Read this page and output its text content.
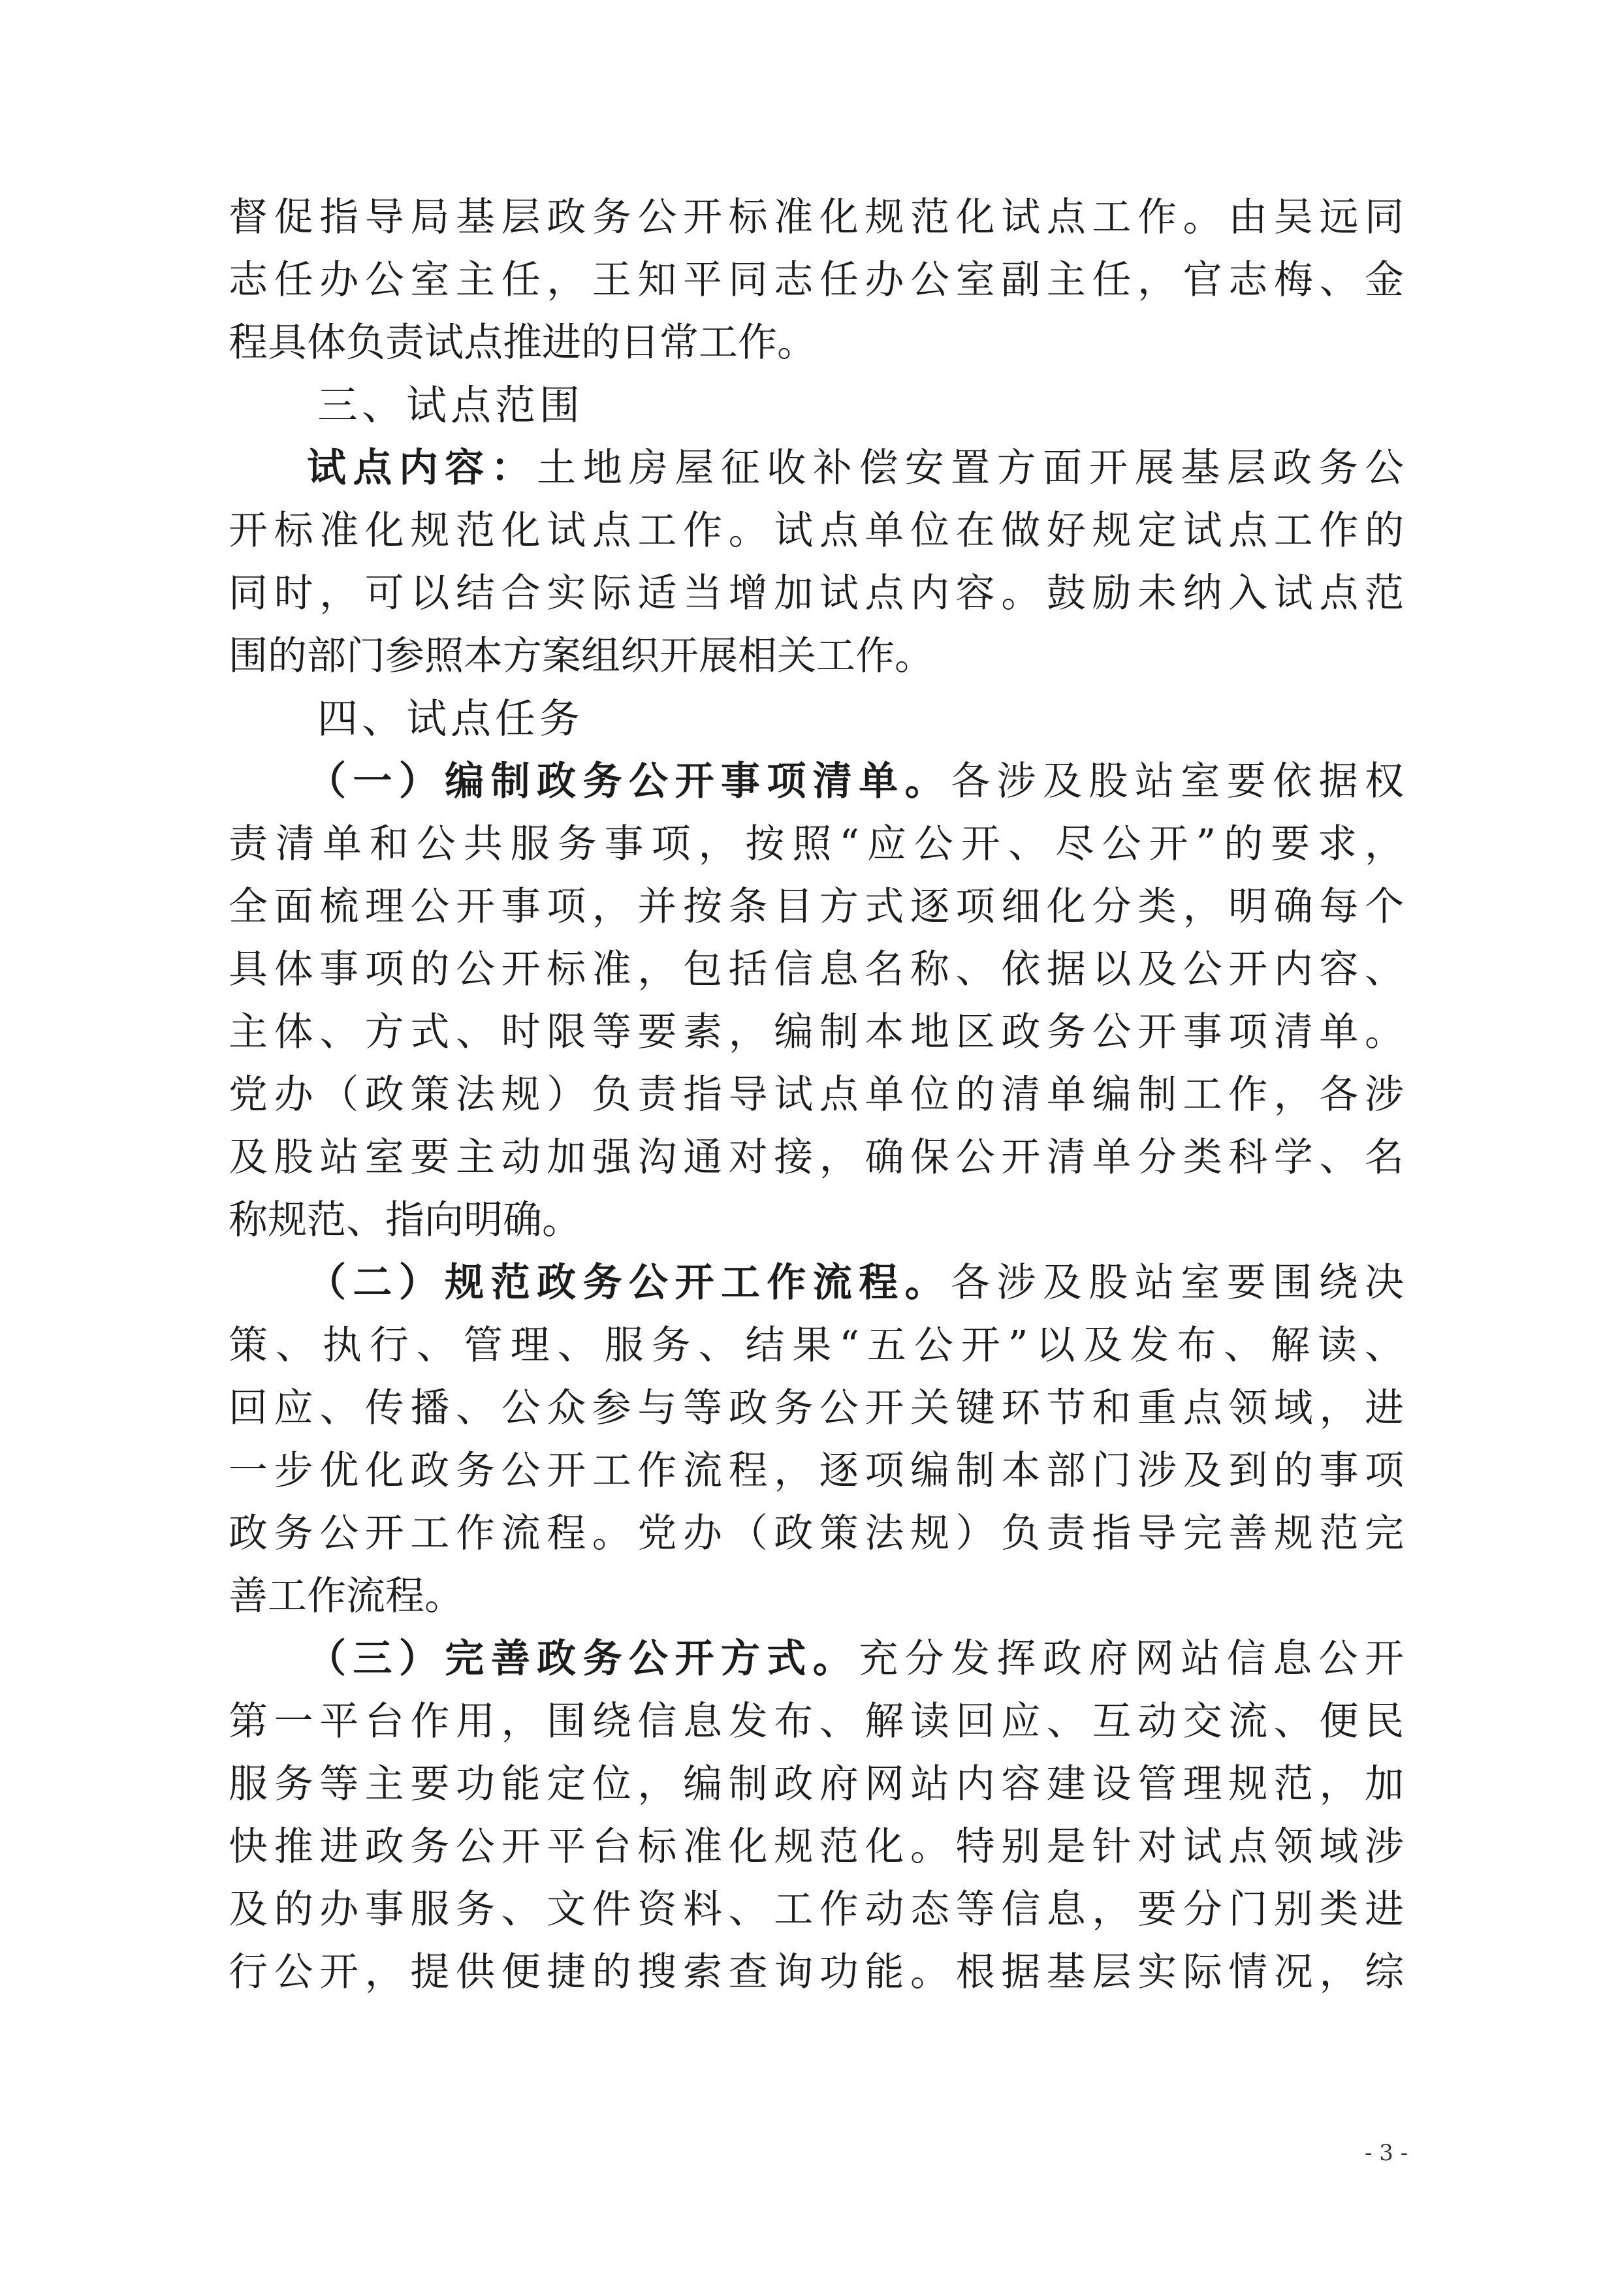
督促指导局基层政务公开标准化规范化试点工作。由吴远同
志任办公室主任，王知平同志任办公室副主任，官志梅、金
程具体负责试点推进的日常工作。
三、试点范围
试点内容：土地房屋征收补偿安置方面开展基层政务公
开标准化规范化试点工作。试点单位在做好规定试点工作的
同时，可以结合实际适当增加试点内容。鼓励未纳入试点范
围的部门参照本方案组织开展相关工作。
四、试点任务
（一）编制政务公开事项清单。各涉及股站室要依据权
责清单和公共服务事项，按照“应公开、尽公开”的要求，
全面梳理公开事项，并按条目方式逐项细化分类，明确每个
具体事项的公开标准，包括信息名称、依据以及公开内容、
主体、方式、时限等要素，编制本地区政务公开事项清单。
党办（政策法规）负责指导试点单位的清单编制工作，各涉
及股站室要主动加强沟通对接，确保公开清单分类科学、名
称规范、指向明确。
（二）规范政务公开工作流程。各涉及股站室要围绕决
策、执行、管理、服务、结果“五公开”以及发布、解读、
回应、传播、公众参与等政务公开关键环节和重点领域，进
一步优化政务公开工作流程，逐项编制本部门涉及到的事项
政务公开工作流程。党办（政策法规）负责指导完善规范完
善工作流程。
（三）完善政务公开方式。充分发挥政府网站信息公开
第一平台作用，围绕信息发布、解读回应、互动交流、便民
服务等主要功能定位，编制政府网站内容建设管理规范，加
快推进政务公开平台标准化规范化。特别是针对试点领域涉
及的办事服务、文件资料、工作动态等信息，要分门别类进
行公开，提供便捷的搜索查询功能。根据基层实际情况，综
- 3 -
